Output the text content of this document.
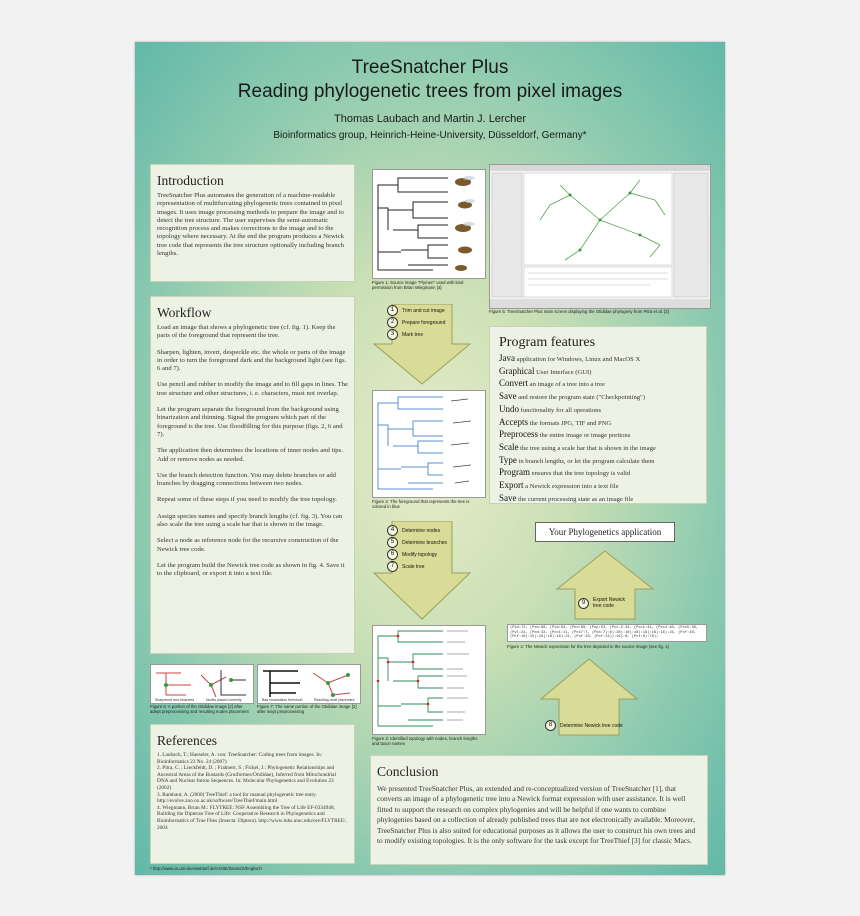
TreeSnatcher Plus
Reading phylogenetic trees from pixel images
Thomas Laubach and Martin J. Lercher
Bioinformatics group, Heinrich-Heine-University, Düsseldorf, Germany*
Introduction

TreeSnatcher Plus automates the generation of a machine-readable representation of multifurcating phylogenetic trees contained in pixel images. It uses image processing methods to prepare the image and to detect the tree structure. The user supervises the semi-automatic recognition process and makes corrections to the image and to the topology where necessary. At the end the program produces a Newick tree code that represents the tree structure optionally including branch lengths.

Workflow

Load an image that shows a phylogenetic tree (cf. fig. 1). Keep the parts of the foreground that represent the tree.

Sharpen, lighten, invert, despeckle etc. the whole or parts of the image in order to turn the foreground dark and the background light (see figs. 6 and 7).

Use pencil and rubber to modify the image and to fill gaps in lines. The tree structure and other structures, i. e. characters, must not overlap.

Let the program separate the foreground from the background using binarization and thinning. Signal the program which part of the foreground is the tree. Use floodfilling for this purpose (figs. 2, 6 and 7).

The application then determines the locations of inner nodes and tips. Add or remove nodes as needed.

Use the branch detection function. You may delete branches or add branches by dragging connections between two nodes.

Repeat some of these steps if you need to modify the tree topology.

Assign species names and specify branch lengths (cf. fig. 3). You can also scale the tree using a scale bar that is shown in the image.

Select a node as reference node for the recursive construction of the Newick tree code.

Let the program build the Newick tree code as shown in fig. 4. Save it to the clipboard, or export it into a text file.

Sharpened and binarized	Nodes placed correctly	Bad binarization threshold	Resulting node placement
Figure 6: A portion of the Otididae image [2] after adept preprocessing and resulting nodes placement
Figure 7: The same portion of the Otididae image [2] after inept preprocessing
References
1. Laubach, T.; Haeseler, A. von: TreeSnatcher: Coding trees from images. In: Bioinformatics 23 No. 24 (2007)
2. Pitra, C. ; Lieckfeldt, D. ; Frahnert, S ; Fickel, J.: Phylogenetic Relationships and Ancestral Areas of the Bustards (Gruiformes/Otididae), Inferred from Mitochondrial DNA and Nuclear Intron Sequences. In: Molecular Phylogenetics and Evolution 23 (2002)
3. Rambaut, A. (2000) TreeThief: a tool for manual phylogenetic tree entry. http://evolve.zoo.ox.ac.uk/software/TreeThief/main.html
4. Wiegmann, Brian M.: FLYTREE: NSF Assembling the Tree of Life EF-0334948, Building the Dipteran Tree of Life: Cooperative Research in Phylogenetics and Bioinformatics of True Flies (Insecta: Diptera). http://www.inhs.uiuc.edu/ore/FLYTREE/, 2004
* http://www.cs.uni-duesseldorf.de/AG/BI/Deutsch/Englisch
Figure 1: Source image "Flymen" used with kind permission from Brian Wiegmann [4]
Figure 5: TreeSnatcher Plus main screen displaying the Otididae phylogeny from Pitra et al. [2]
1	Trim and cut image
2	Prepare foreground
3	Mark tree
Figure 2: The foreground that represents the tree is colored in blue
Program features
Java application for Windows, Linux and MacOS X
Graphical User Interface (GUI)
Convert an image of a tree into a tree
Save and restore the program state ("Checkpointing")
Undo functionality for all operations
Accepts the formats JPG, TIF and PNG
Preprocess the entire image or image portions
Scale the tree using a scale bar that is shown in the image
Type in branch lengths, or let the program calculate them
Program ensures that the tree topology is valid
Export a Newick expression into a text file
Save the current processing state as an image file
4	Determine nodes
5	Determine branches
6	Modify topology
7	Scale tree
Figure 3: Identified topology with nodes, branch lengths and taxon names
Your Phylogenetics application
9	Export Newick tree code
(Psd:72, (Psb:68, (Pvb:64, (Pnd:60, (Pcp:52, (Pcc:2:44, (Pcc1:44, (Pcc4:40, (Pcc5:36, (Pyl:22, (Pcd:32, (Pcc1:11, (Pcc7:7, (Pcb:7):8):28):10):18):18):16):16):21, (Pcf:10, (Pcf:10):15):10):16):16):21, (Pcf:10, (Pcf:11)):16):8, (Pct:8):76);
Figure 4: The Newick expression for the tree depicted in the source image (see fig. 1)
8	Determine Newick tree code
Conclusion

We presented TreeSnatcher Plus, an extended and re-conceptualized version of TreeSnatcher [1], that converts an image of a phylogenetic tree into a Newick format expression with user assistance. It is well fitted to support the research on complex phylogenies and will be helpful if one wants to combine phylogenies based on a collection of already published trees that are not electronically available. Moreover, TreeSnatcher Plus is also suited for educational purposes as it allows the user to construct his own trees and to modify existing topologies. It is the only software for the task except for TreeThief [3] for classic Macs.
